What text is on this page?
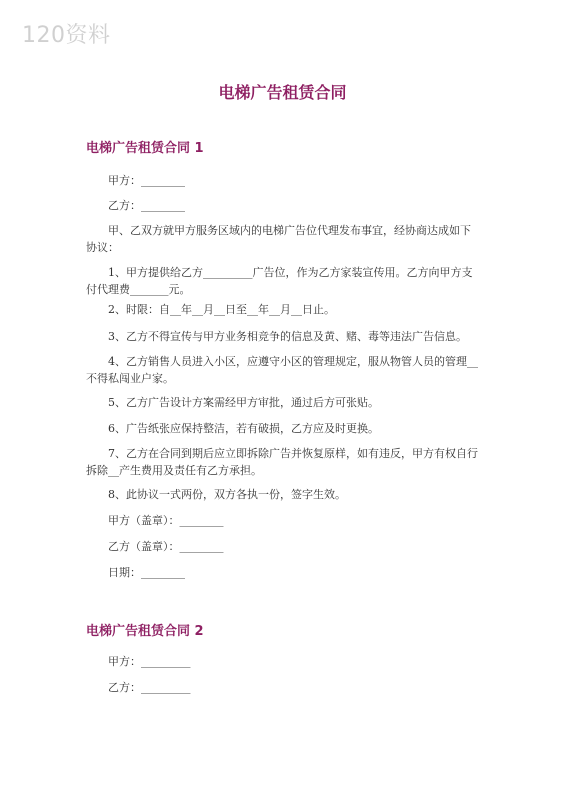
120资料
电梯广告租赁合同
电梯广告租赁合同 1
甲方：________
乙方：________
甲、乙双方就甲方服务区域内的电梯广告位代理发布事宜，经协商达成如下协议：
1、甲方提供给乙方_________广告位，作为乙方家装宣传用。乙方向甲方支付代理费_______元。
2、时限：自__年__月__日至__年__月__日止。
3、乙方不得宣传与甲方业务相竞争的信息及黄、赌、毒等违法广告信息。
4、乙方销售人员进入小区，应遵守小区的管理规定，服从物管人员的管理__不得私闯业户家。
5、乙方广告设计方案需经甲方审批，通过后方可张贴。
6、广告纸张应保持整洁，若有破损，乙方应及时更换。
7、乙方在合同到期后应立即拆除广告并恢复原样，如有违反，甲方有权自行拆除__产生费用及责任有乙方承担。
8、此协议一式两份，双方各执一份，签字生效。
甲方（盖章）：________
乙方（盖章）：________
日期：________
电梯广告租赁合同 2
甲方：_________
乙方：_________
